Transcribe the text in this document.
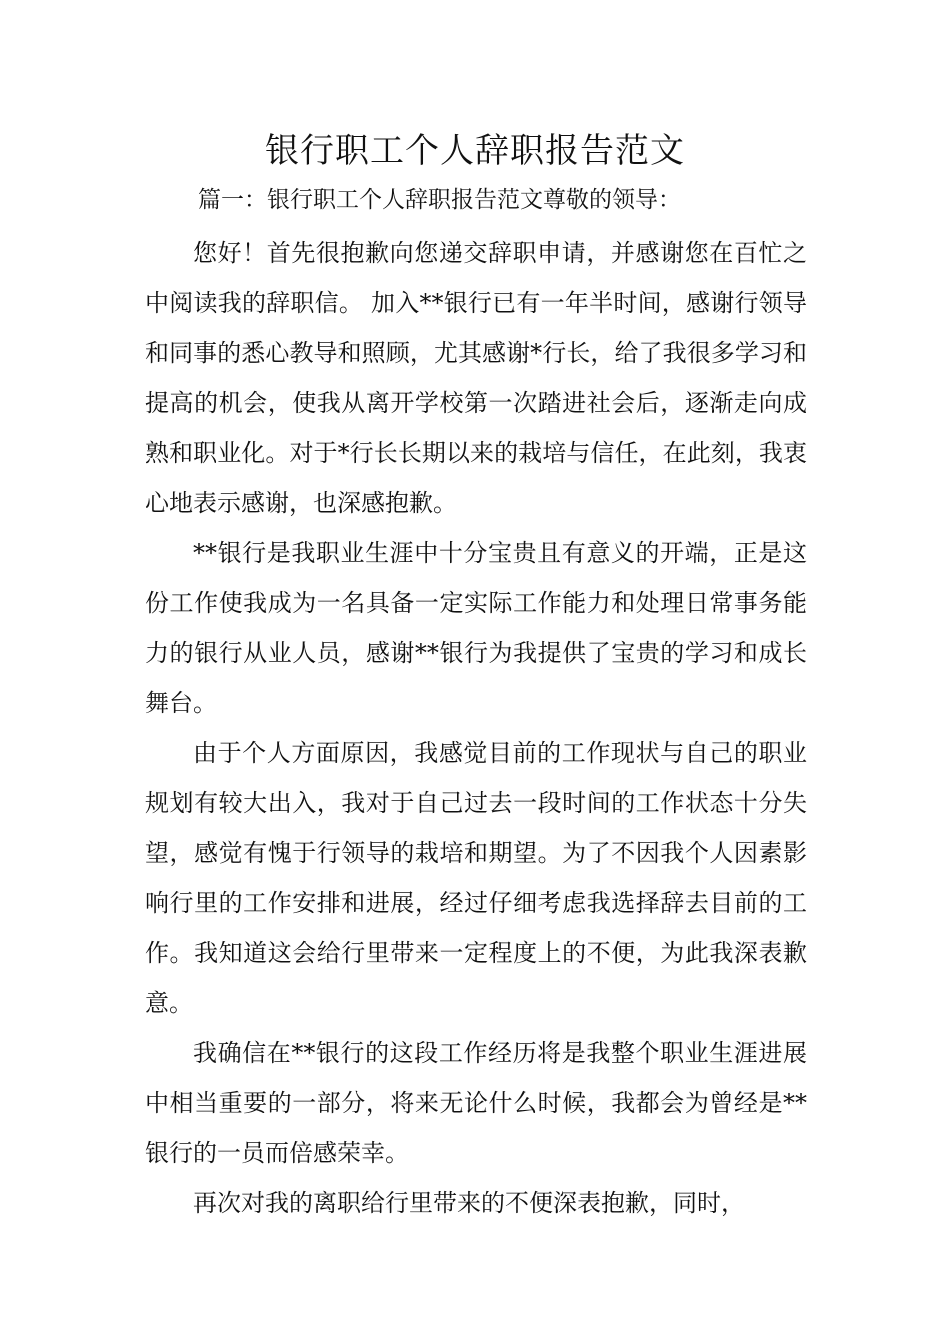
银行职工个人辞职报告范文

篇一：银行职工个人辞职报告范文尊敬的领导：

您好！首先很抱歉向您递交辞职申请，并感谢您在百忙之中阅读我的辞职信。 加入**银行已有一年半时间，感谢行领导和同事的悉心教导和照顾，尤其感谢*行长，给了我很多学习和提高的机会，使我从离开学校第一次踏进社会后，逐渐走向成熟和职业化。对于*行长长期以来的栽培与信任，在此刻，我衷心地表示感谢，也深感抱歉。

**银行是我职业生涯中十分宝贵且有意义的开端，正是这份工作使我成为一名具备一定实际工作能力和处理日常事务能力的银行从业人员，感谢**银行为我提供了宝贵的学习和成长舞台。

由于个人方面原因，我感觉目前的工作现状与自己的职业规划有较大出入，我对于自己过去一段时间的工作状态十分失望，感觉有愧于行领导的栽培和期望。为了不因我个人因素影响行里的工作安排和进展，经过仔细考虑我选择辞去目前的工作。我知道这会给行里带来一定程度上的不便，为此我深表歉意。

我确信在**银行的这段工作经历将是我整个职业生涯进展中相当重要的一部分，将来无论什么时候，我都会为曾经是**银行的一员而倍感荣幸。

再次对我的离职给行里带来的不便深表抱歉，同时，
